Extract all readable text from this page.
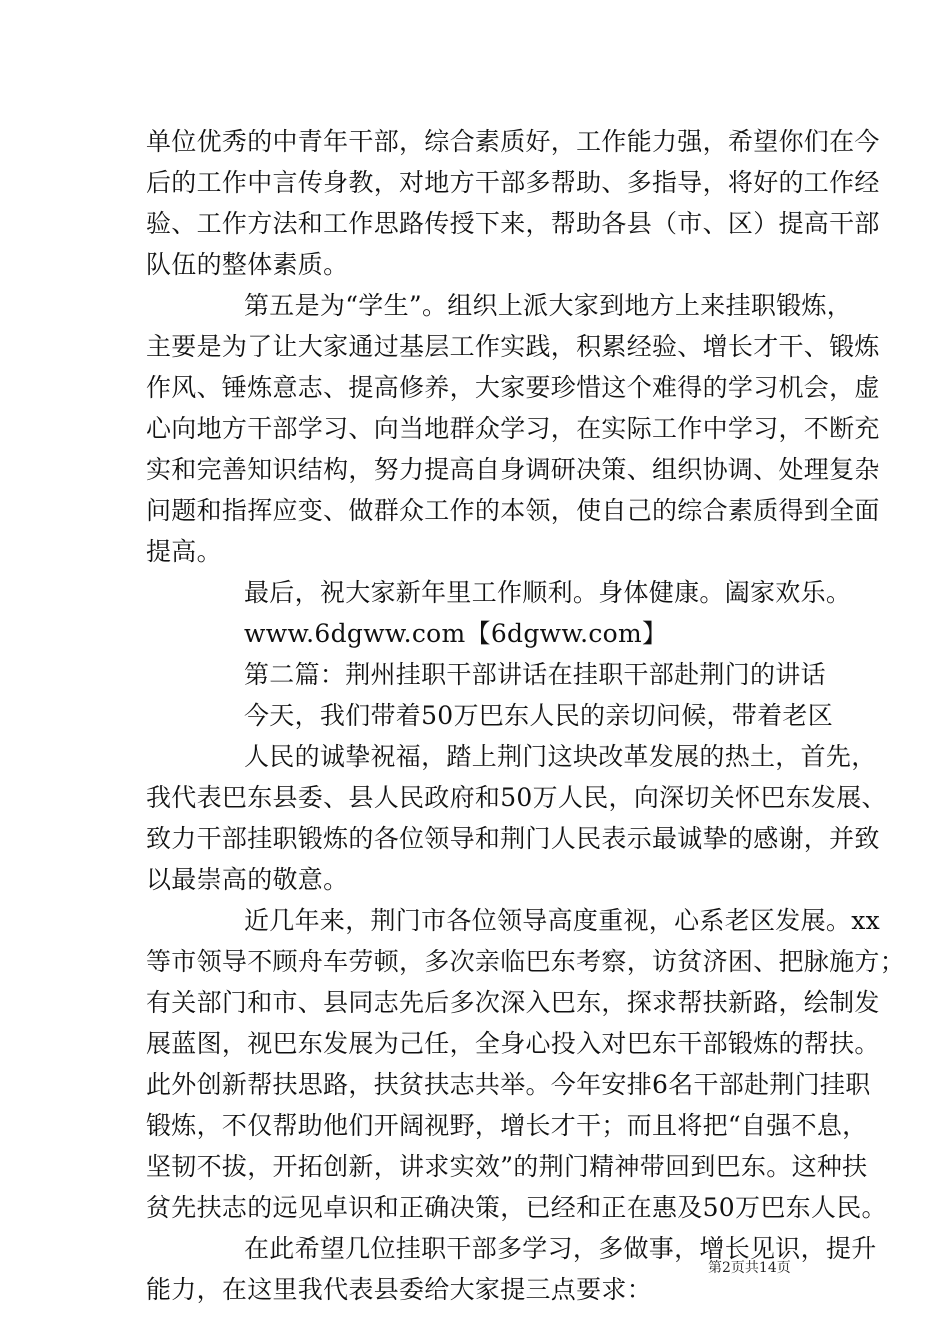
单位优秀的中青年干部，综合素质好，工作能力强，希望你们在今
后的工作中言传身教，对地方干部多帮助、多指导，将好的工作经
验、工作方法和工作思路传授下来，帮助各县（市、区）提高干部
队伍的整体素质。
第五是为“学生”。组织上派大家到地方上来挂职锻炼，
主要是为了让大家通过基层工作实践，积累经验、增长才干、锻炼
作风、锤炼意志、提高修养，大家要珍惜这个难得的学习机会，虚
心向地方干部学习、向当地群众学习，在实际工作中学习，不断充
实和完善知识结构，努力提高自身调研决策、组织协调、处理复杂
问题和指挥应变、做群众工作的本领，使自己的综合素质得到全面
提高。
最后，祝大家新年里工作顺利。身体健康。阖家欢乐。
www.6dgww.com【6dgww.com】
第二篇：荆州挂职干部讲话在挂职干部赴荆门的讲话
今天，我们带着50万巴东人民的亲切问候，带着老区
人民的诚挚祝福，踏上荆门这块改革发展的热土，首先，
我代表巴东县委、县人民政府和50万人民，向深切关怀巴东发展、
致力干部挂职锻炼的各位领导和荆门人民表示最诚挚的感谢，并致
以最崇高的敬意。
近几年来，荆门市各位领导高度重视，心系老区发展。xx
等市领导不顾舟车劳顿，多次亲临巴东考察，访贫济困、把脉施方；
有关部门和市、县同志先后多次深入巴东，探求帮扶新路，绘制发
展蓝图，视巴东发展为己任，全身心投入对巴东干部锻炼的帮扶。
此外创新帮扶思路，扶贫扶志共举。今年安排6名干部赴荆门挂职
锻炼，不仅帮助他们开阔视野，增长才干；而且将把“自强不息，
坚韧不拔，开拓创新，讲求实效”的荆门精神带回到巴东。这种扶
贫先扶志的远见卓识和正确决策，已经和正在惠及50万巴东人民。
在此希望几位挂职干部多学习，多做事，增长见识，提升
能力，在这里我代表县委给大家提三点要求：
第2页共14页
